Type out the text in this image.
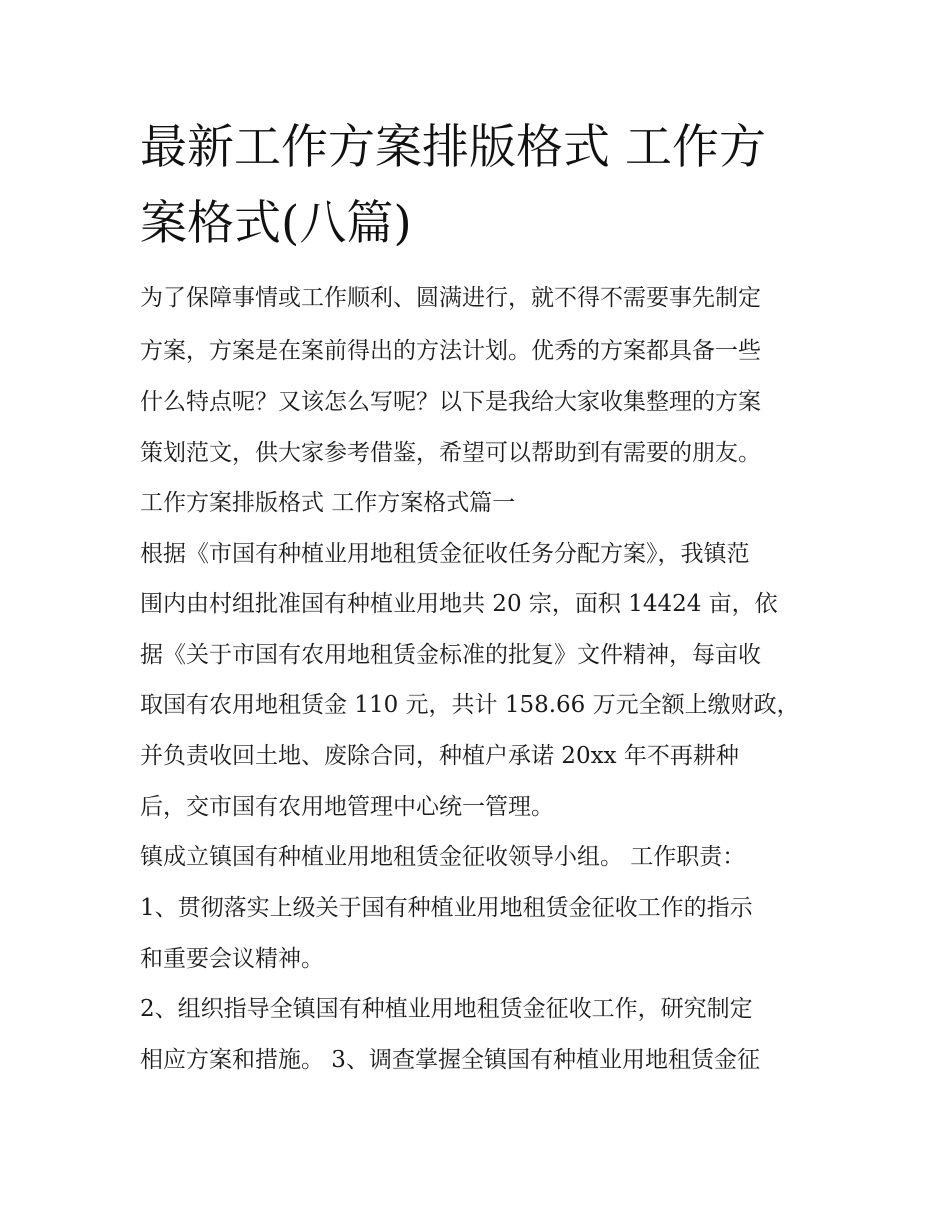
最新工作方案排版格式 工作方
案格式(八篇)
为了保障事情或工作顺利、圆满进行，就不得不需要事先制定
方案，方案是在案前得出的方法计划。优秀的方案都具备一些
什么特点呢？又该怎么写呢？以下是我给大家收集整理的方案
策划范文，供大家参考借鉴，希望可以帮助到有需要的朋友。
工作方案排版格式 工作方案格式篇一
根据《市国有种植业用地租赁金征收任务分配方案》，我镇范
围内由村组批准国有种植业用地共 20 宗，面积 14424 亩，依
据《关于市国有农用地租赁金标准的批复》文件精神，每亩收
取国有农用地租赁金 110 元，共计 158.66 万元全额上缴财政，
并负责收回土地、废除合同，种植户承诺 20xx 年不再耕种
后，交市国有农用地管理中心统一管理。
镇成立镇国有种植业用地租赁金征收领导小组。 工作职责：
1、贯彻落实上级关于国有种植业用地租赁金征收工作的指示
和重要会议精神。
2、组织指导全镇国有种植业用地租赁金征收工作，研究制定
相应方案和措施。 3、调查掌握全镇国有种植业用地租赁金征
